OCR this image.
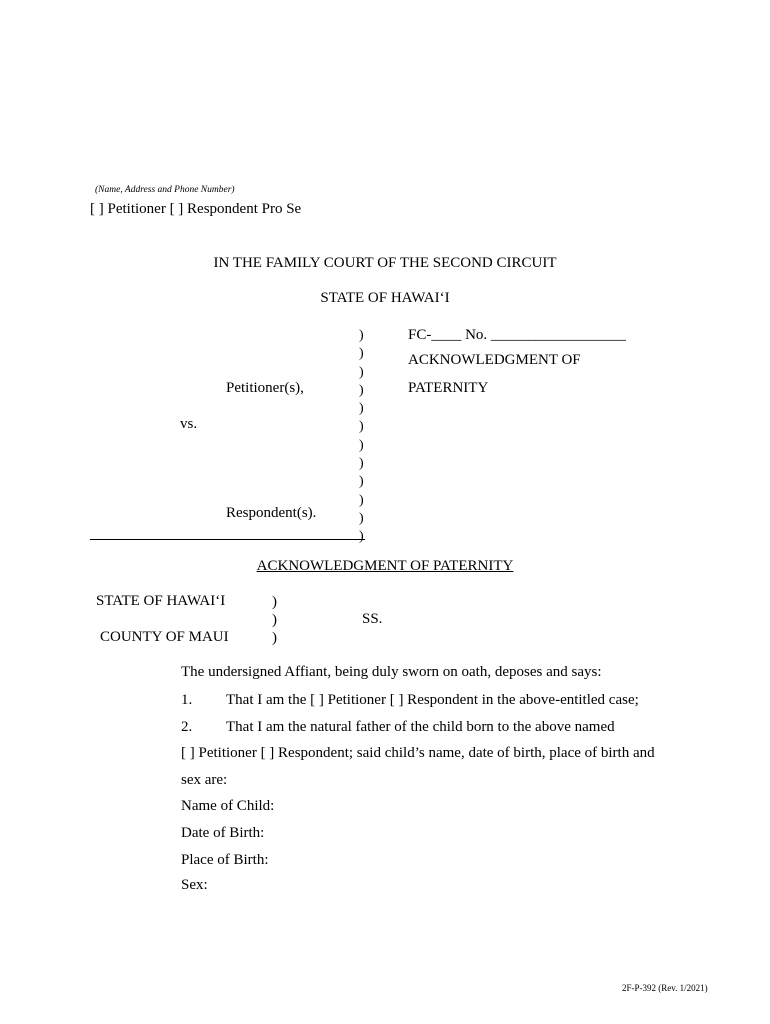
(Name, Address and Phone Number)
[ ] Petitioner [ ] Respondent Pro Se
IN THE FAMILY COURT OF THE SECOND CIRCUIT
STATE OF HAWAIʻI
)
)
)
)
)
)
)
)
)
)
)
)
FC-____ No. __________________
ACKNOWLEDGMENT OF
PATERNITY
Petitioner(s),
vs.
Respondent(s).
ACKNOWLEDGMENT OF PATERNITY
STATE OF HAWAIʻI
COUNTY OF MAUI
)
)
)
SS.
The undersigned Affiant, being duly sworn on oath, deposes and says:
1. That I am the [ ] Petitioner [ ] Respondent in the above-entitled case;
2. That I am the natural father of the child born to the above named
[ ] Petitioner [ ] Respondent; said child’s name, date of birth, place of birth and
sex are:
Name of Child:
Date of Birth:
Place of Birth:
Sex:
2F-P-392 (Rev. 1/2021)
